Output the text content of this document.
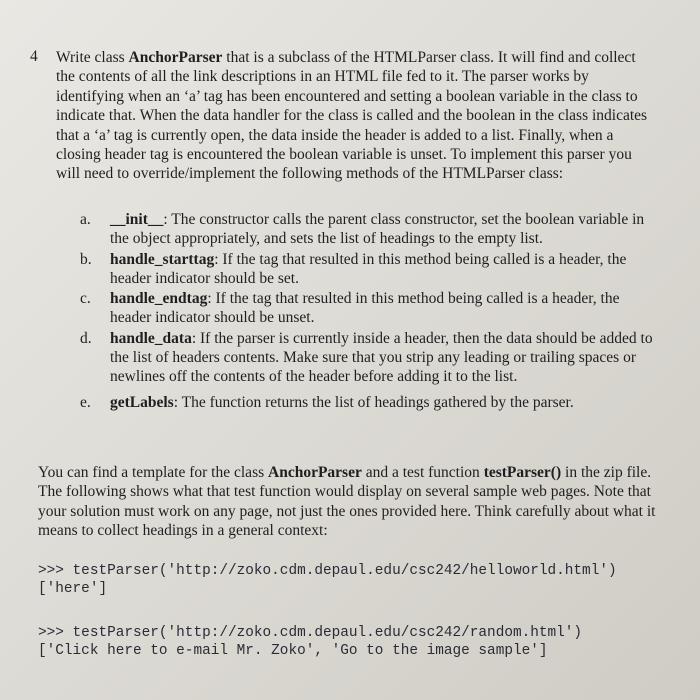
4 Write class AnchorParser that is a subclass of the HTMLParser class. It will find and collect the contents of all the link descriptions in an HTML file fed to it. The parser works by identifying when an ‘a’ tag has been encountered and setting a boolean variable in the class to indicate that. When the data handler for the class is called and the boolean in the class indicates that a ‘a’ tag is currently open, the data inside the header is added to a list. Finally, when a closing header tag is encountered the boolean variable is unset. To implement this parser you will need to override/implement the following methods of the HTMLParser class:
a. __init__: The constructor calls the parent class constructor, set the boolean variable in the object appropriately, and sets the list of headings to the empty list.
b. handle_starttag: If the tag that resulted in this method being called is a header, the header indicator should be set.
c. handle_endtag: If the tag that resulted in this method being called is a header, the header indicator should be unset.
d. handle_data: If the parser is currently inside a header, then the data should be added to the list of headers contents. Make sure that you strip any leading or trailing spaces or newlines off the contents of the header before adding it to the list.
e. getLabels: The function returns the list of headings gathered by the parser.
You can find a template for the class AnchorParser and a test function testParser() in the zip file. The following shows what that test function would display on several sample web pages. Note that your solution must work on any page, not just the ones provided here. Think carefully about what it means to collect headings in a general context:
>>> testParser('http://zoko.cdm.depaul.edu/csc242/helloworld.html')
['here']
>>> testParser('http://zoko.cdm.depaul.edu/csc242/random.html')
['Click here to e-mail Mr. Zoko', 'Go to the image sample']
